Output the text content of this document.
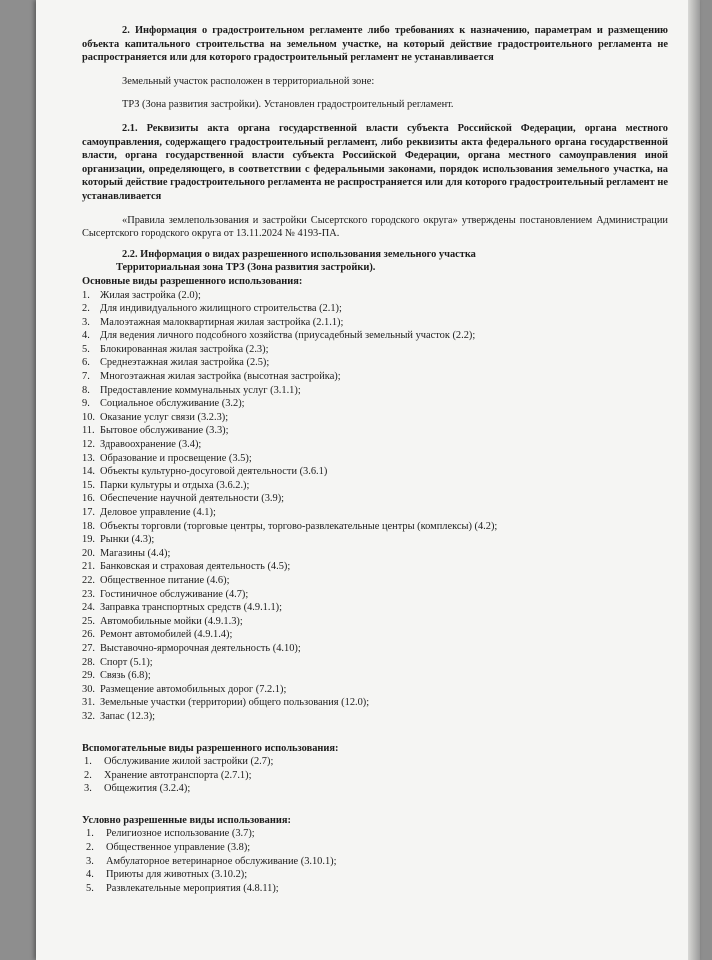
2. Информация о градостроительном регламенте либо требованиях к назначению, параметрам и размещению объекта капитального строительства на земельном участке, на который действие градостроительного регламента не распространяется или для которого градостроительный регламент не устанавливается

Земельный участок расположен в территориальной зоне:

ТРЗ (Зона развития застройки). Установлен градостроительный регламент.

2.1. Реквизиты акта органа государственной власти субъекта Российской Федерации, органа местного самоуправления, содержащего градостроительный регламент, либо реквизиты акта федерального органа государственной власти, органа государственной власти субъекта Российской Федерации, органа местного самоуправления иной организации, определяющего, в соответствии с федеральными законами, порядок использования земельного участка, на который действие градостроительного регламента не распространяется или для которого градостроительный регламент не устанавливается

«Правила землепользования и застройки Сысертского городского округа» утверждены постановлением Администрации Сысертского городского округа от 13.11.2024 № 4193-ПА.

2.2. Информация о видах разрешенного использования земельного участка

Территориальная зона ТРЗ (Зона развития застройки).

Основные виды разрешенного использования:

1. Жилая застройка (2.0);
2. Для индивидуального жилищного строительства (2.1);
3. Малоэтажная малоквартирная жилая застройка (2.1.1);
4. Для ведения личного подсобного хозяйства (приусадебный земельный участок (2.2);
5. Блокированная жилая застройка (2.3);
6. Среднеэтажная жилая застройка (2.5);
7. Многоэтажная жилая застройка (высотная застройка);
8. Предоставление коммунальных услуг (3.1.1);
9. Социальное обслуживание (3.2);
10. Оказание услуг связи (3.2.3);
11. Бытовое обслуживание (3.3);
12. Здравоохранение (3.4);
13. Образование и просвещение (3.5);
14. Объекты культурно-досуговой деятельности (3.6.1)
15. Парки культуры и отдыха (3.6.2.);
16. Обеспечение научной деятельности (3.9);
17. Деловое управление (4.1);
18. Объекты торговли (торговые центры, торгово-развлекательные центры (комплексы) (4.2);
19. Рынки (4.3);
20. Магазины (4.4);
21. Банковская и страховая деятельность (4.5);
22. Общественное питание (4.6);
23. Гостиничное обслуживание (4.7);
24. Заправка транспортных средств (4.9.1.1);
25. Автомобильные мойки (4.9.1.3);
26. Ремонт автомобилей (4.9.1.4);
27. Выставочно-ярморочная деятельность (4.10);
28. Спорт (5.1);
29. Связь (6.8);
30. Размещение автомобильных дорог (7.2.1);
31. Земельные участки (территории) общего пользования (12.0);
32. Запас (12.3);

Вспомогательные виды разрешенного использования:

1.	Обслуживание жилой застройки (2.7);
2.	Хранение автотранспорта (2.7.1);
3.	Общежития (3.2.4);

Условно разрешенные виды использования:

1.	Религиозное использование (3.7);
2.	Общественное управление (3.8);
3.	Амбулаторное ветеринарное обслуживание (3.10.1);
4.	Приюты для животных (3.10.2);
5.	Развлекательные мероприятия (4.8.11);
